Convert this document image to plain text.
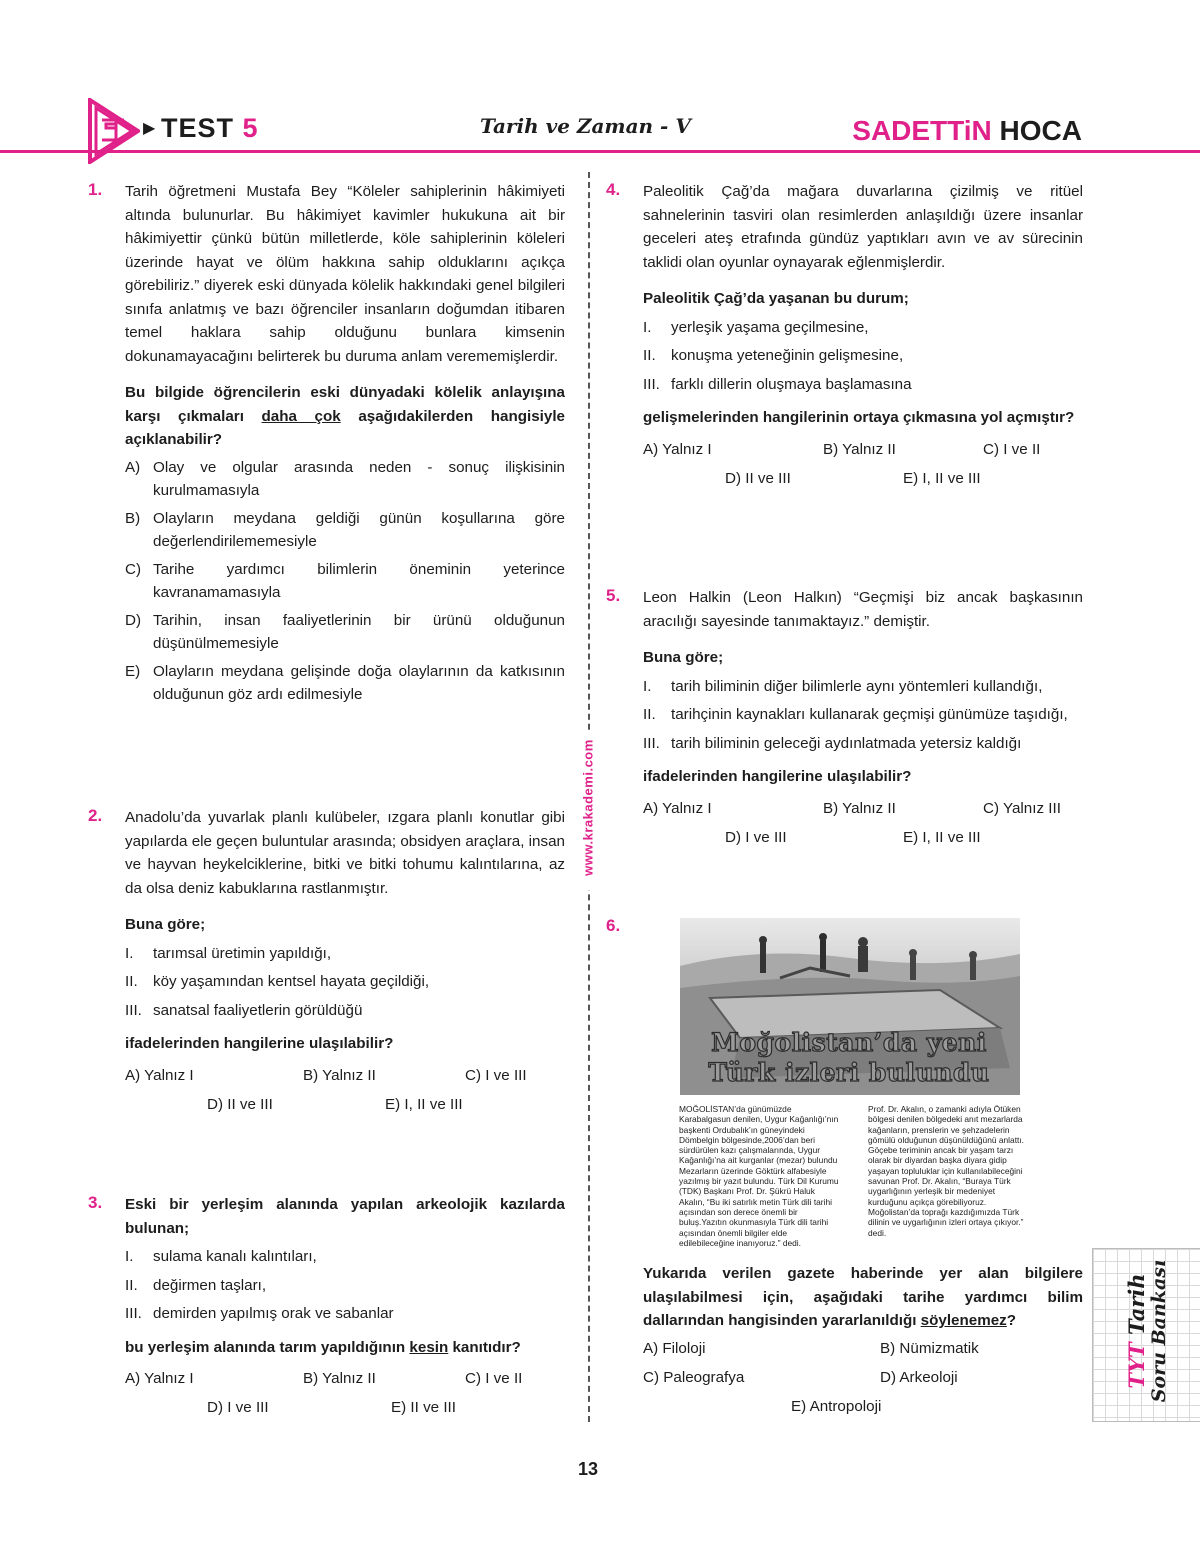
▶ TEST 5	Tarih ve Zaman - V	SADETTiN HOCA
www.krakademi.com
1. Tarih öğretmeni Mustafa Bey “Köleler sahiplerinin hâkimiyeti altında bulunurlar. Bu hâkimiyet kavimler hukukuna ait bir hâkimiyettir çünkü bütün milletlerde, köle sahiplerinin köleleri üzerinde hayat ve ölüm hakkına sahip olduklarını açıkça görebiliriz.” diyerek eski dünyada kölelik hakkındaki genel bilgileri sınıfa anlatmış ve bazı öğrenciler insanların doğumdan itibaren temel haklara sahip olduğunu bunlara kimsenin dokunamayacağını belirterek bu duruma anlam verememişlerdir.
Bu bilgide öğrencilerin eski dünyadaki kölelik anlayışına karşı çıkmaları daha çok aşağıdakilerden hangisiyle açıklanabilir?
A) Olay ve olgular arasında neden - sonuç ilişkisinin kurulmamasıyla
B) Olayların meydana geldiği günün koşullarına göre değerlendirilememesiyle
C) Tarihe yardımcı bilimlerin öneminin yeterince kavranamamasıyla
D) Tarihin, insan faaliyetlerinin bir ürünü olduğunun düşünülmemesiyle
E) Olayların meydana gelişinde doğa olaylarının da katkısının olduğunun göz ardı edilmesiyle
2. Anadolu’da yuvarlak planlı kulübeler, ızgara planlı konutlar gibi yapılarda ele geçen buluntular arasında; obsidyen araçlara, insan ve hayvan heykelciklerine, bitki ve bitki tohumu kalıntılarına, az da olsa deniz kabuklarına rastlanmıştır.
Buna göre;
I.	tarımsal üretimin yapıldığı,
II.	köy yaşamından kentsel hayata geçildiği,
III. sanatsal faaliyetlerin görüldüğü
ifadelerinden hangilerine ulaşılabilir?
A) Yalnız I	B) Yalnız II	C) I ve III
D) II ve III	E) I, II ve III
3. Eski bir yerleşim alanında yapılan arkeolojik kazılarda bulunan;
I.	sulama kanalı kalıntıları,
II.	değirmen taşları,
III. demirden yapılmış orak ve sabanlar
bu yerleşim alanında tarım yapıldığının kesin kanıtıdır?
A) Yalnız I	B) Yalnız II	C) I ve II
D) I ve III	E) II ve III
4. Paleolitik Çağ’da mağara duvarlarına çizilmiş ve ritüel sahnelerinin tasviri olan resimlerden anlaşıldığı üzere insanlar geceleri ateş etrafında gündüz yaptıkları avın ve av sürecinin taklidi olan oyunlar oynayarak eğlenmişlerdir.
Paleolitik Çağ’da yaşanan bu durum;
I.	yerleşik yaşama geçilmesine,
II.	konuşma yeteneğinin gelişmesine,
III. farklı dillerin oluşmaya başlamasına
gelişmelerinden hangilerinin ortaya çıkmasına yol açmıştır?
A) Yalnız I	B) Yalnız II	C) I ve II
D) II ve III	E) I, II ve III
5. Leon Halkin (Leon Halkın) “Geçmişi biz ancak başkasının aracılığı sayesinde tanımaktayız.” demiştir.
Buna göre;
I.	tarih biliminin diğer bilimlerle aynı yöntemleri kullandığı,
II.	tarihçinin kaynakları kullanarak geçmişi günümüze taşıdığı,
III. tarih biliminin geleceği aydınlatmada yetersiz kaldığı
ifadelerinden hangilerine ulaşılabilir?
A) Yalnız I	B) Yalnız II	C) Yalnız III
D) I ve III	E) I, II ve III
6.
Moğolistan’da yeni
Türk izleri bulundu
MOĞOLİSTAN’da günümüzde Karabalgasun denilen, Uygur Kağanlığı’nın başkenti Ordubalık’ın güneyindeki Dömbelgin bölgesinde,2006’dan beri sürdürülen kazı çalışmalarında, Uygur Kağanlığı’na ait kurganlar (mezar) bulundu Mezarların üzerinde Göktürk alfabesiyle yazılmış bir yazıt bulundu. Türk Dil Kurumu (TDK) Başkanı Prof. Dr. Şükrü Haluk Akalın, “Bu iki satırlık metin Türk dili tarihi açısından son derece önemli bir buluş.Yazıtın okunmasıyla Türk dili tarihi açısından önemli bilgiler elde edilebileceğine inanıyoruz.” dedi.
Prof. Dr. Akalın, o zamanki adıyla Ötüken bölgesi denilen bölgedeki anıt mezarlarda kağanların, prenslerin ve şehzadelerin gömülü olduğunun düşünüldüğünü anlattı. Göçebe teriminin ancak bir yaşam tarzı olarak bir diyardan başka diyara gidip yaşayan topluluklar için kullanılabileceğini savunan Prof. Dr. Akalın, “Buraya Türk uygarlığının yerleşik bir medeniyet kurduğunu açıkça görebiliyoruz. Moğolistan’da toprağı kazdığımızda Türk dilinin ve uygarlığının izleri ortaya çıkıyor.” dedi.
Yukarıda verilen gazete haberinde yer alan bilgilere ulaşılabilmesi için, aşağıdaki tarihe yardımcı bilim dallarından hangisinden yararlanıldığı söylenemez?
A) Filoloji	B) Nümizmatik
C) Paleografya	D) Arkeoloji
E) Antropoloji
TYT Tarih Soru Bankası
13
